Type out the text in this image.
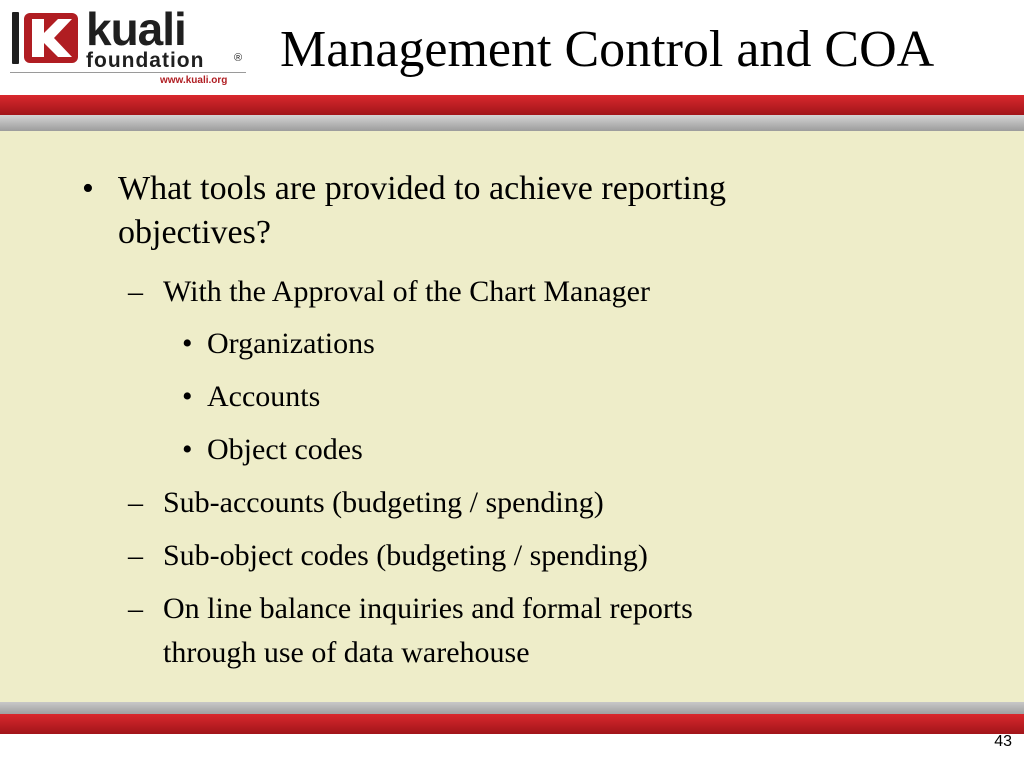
kuali
foundation	®
www.kuali.org
Management Control and COA
• What tools are provided to achieve reporting
objectives?
– With the Approval of the Chart Manager
• Organizations
• Accounts
• Object codes
– Sub-accounts (budgeting / spending)
– Sub-object codes (budgeting / spending)
– On line balance inquiries and formal reports
through use of data warehouse
43
